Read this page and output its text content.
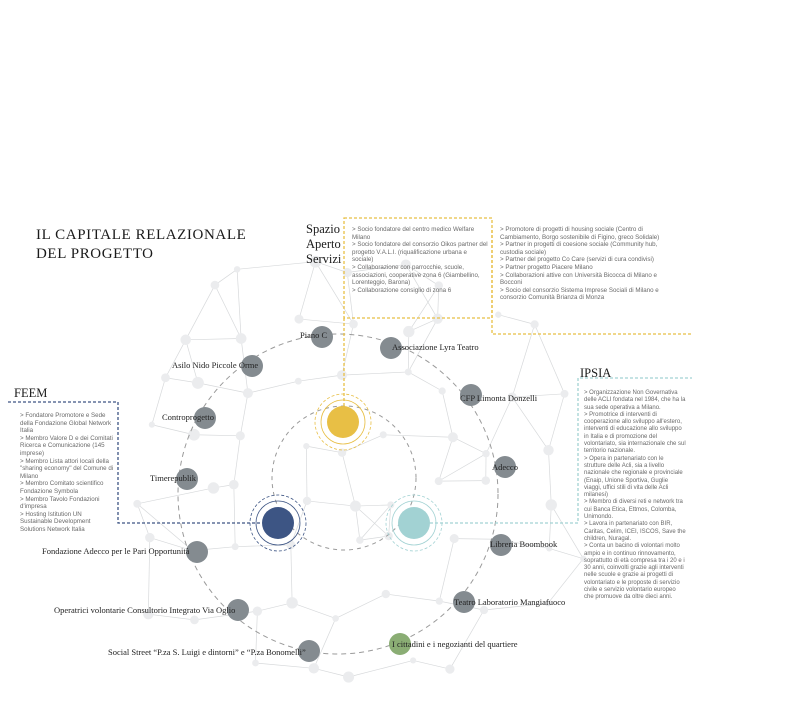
IL CAPITALE RELAZIONALE
DEL PROGETTO
Spazio
Aperto
Servizi
> Socio fondatore del centro medico Welfare Milano
> Socio fondatore del consorzio Oikos partner del progetto V.A.L.I. (riqualificazione urbana e sociale)
> Collaborazione con parrocchie, scuole, associazioni, cooperative zona 6 (Giambellino, Lorenteggio, Barona)
> Collaborazione consiglio di zona 6
> Promotore di progetti di housing sociale (Centro di Cambiamento, Borgo sostenibile di Figino, greco Solidale)
> Partner in progetti di coesione sociale (Community hub, custodia sociale)
> Partner del progetto Co Care (servizi di cura condivisi)
> Partner progetto Piacere Milano
> Collaborazioni attive con Università Bicocca di Milano e Bocconi
> Socio del consorzio Sistema Imprese Sociali di Milano e consorzio Comunità Brianza di Monza
FEEM
> Fondatore Promotore e Sede della Fondazione Global Network Italia
> Membro Valore D e dei Comitati Ricerca e Comunicazione (145 imprese)
> Membro Lista attori locali della "sharing economy" del Comune di Milano
> Membro Comitato scientifico Fondazione Symbola
> Membro Tavolo Fondazioni d'impresa
> Hosting Istitution UN Sustainable Development Solutions Network Italia
IPSIA
> Organizzazione Non Governativa delle ACLI fondata nel 1984, che ha la sua sede operativa a Milano.
> Promotrice di interventi di cooperazione allo sviluppo all'estero, interventi di educazione allo sviluppo in Italia e di promozione del volontariato, sia internazionale che sul territorio nazionale.
> Opera in partenariato con le strutture delle Acli, sia a livello nazionale che regionale e provinciale (Enaip, Unione Sportiva, Guglie viaggi, uffici stili di vita delle Acli milanesi)
> Membro di diversi reti e network tra cui Banca Etica, Ettmos, Colomba, Unimondo.
> Lavora in partenariato con BIR, Caritas, Celim, ICEI, ISCOS, Save the children, Nuragal.
> Conta un bacino di volontari molto ampio e in continuo rinnovamento, soprattutto di età compresa tra i 20 e i 30 anni, coinvolti grazie agli interventi nelle scuole e grazie ai progetti di volontariato e le proposte di servizio civile e servizio volontario europeo che promuove da oltre dieci anni.
Piano C
Associazione Lyra Teatro
Asilo Nido Piccole Orme
CFP Limonta Donzelli
Controprogetto
Adecco
Timerepublik
Libreria Boombook
Fondazione Adecco per le Pari Opportunità
Teatro Laboratorio Mangiafuoco
Operatrici volontarie Consultorio Integrato Via Oglio
I cittadini e i negozianti del quartiere
Social Street “P.za S. Luigi e dintorni” e “P.za Bonomelli”
